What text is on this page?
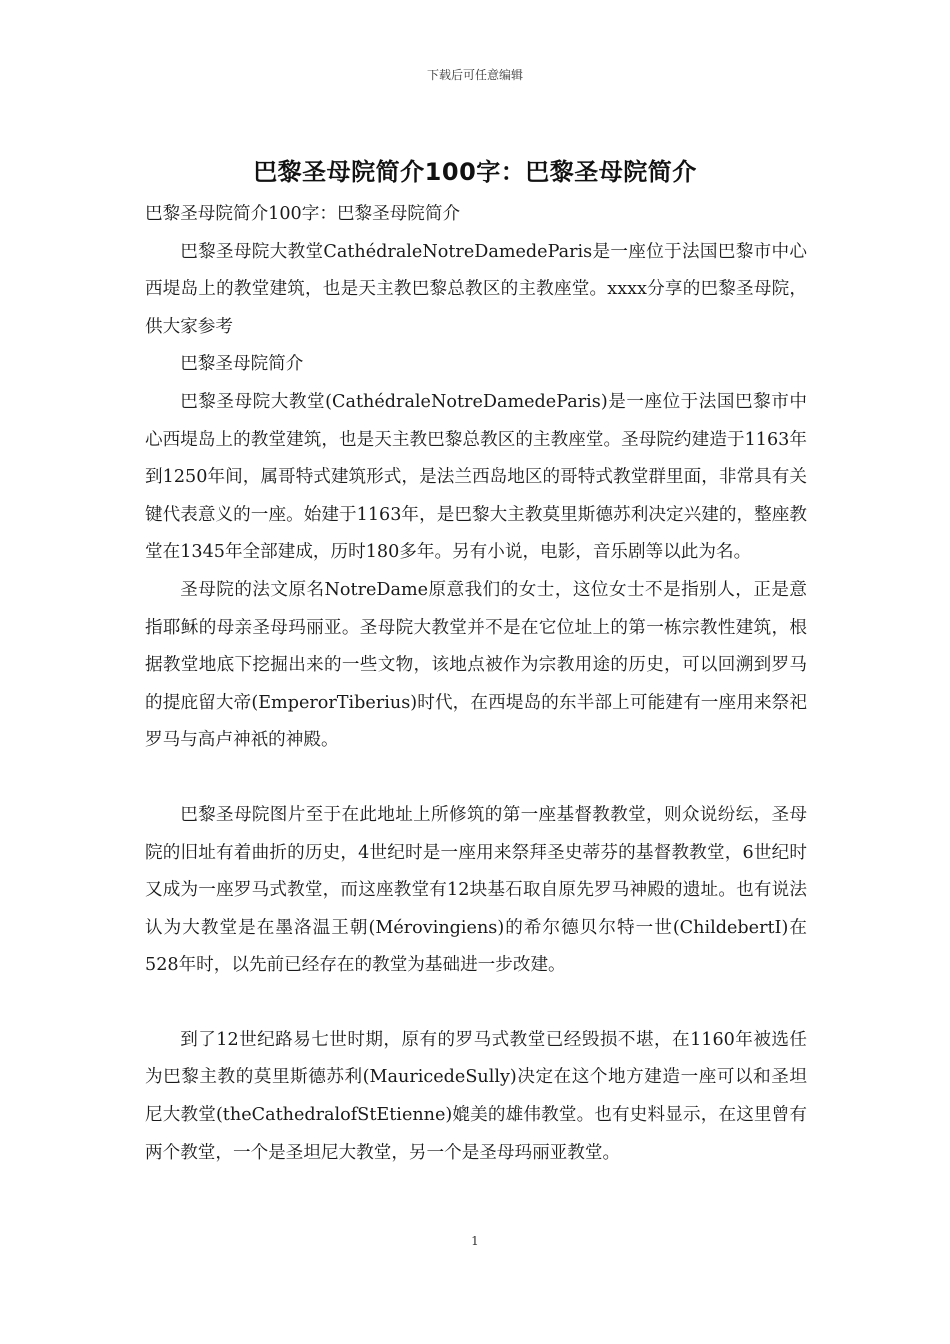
下载后可任意编辑
巴黎圣母院简介100字：巴黎圣母院简介

巴黎圣母院简介100字：巴黎圣母院简介

巴黎圣母院大教堂CathédraleNotreDamedeParis是一座位于法国巴黎市中心西堤岛上的教堂建筑，也是天主教巴黎总教区的主教座堂。xxxx分享的巴黎圣母院，供大家参考

巴黎圣母院简介

巴黎圣母院大教堂(CathédraleNotreDamedeParis)是一座位于法国巴黎市中心西堤岛上的教堂建筑，也是天主教巴黎总教区的主教座堂。圣母院约建造于1163年到1250年间，属哥特式建筑形式，是法兰西岛地区的哥特式教堂群里面，非常具有关键代表意义的一座。始建于1163年，是巴黎大主教莫里斯德苏利决定兴建的，整座教堂在1345年全部建成，历时180多年。另有小说，电影，音乐剧等以此为名。

圣母院的法文原名NotreDame原意我们的女士，这位女士不是指别人，正是意指耶稣的母亲圣母玛丽亚。圣母院大教堂并不是在它位址上的第一栋宗教性建筑，根据教堂地底下挖掘出来的一些文物，该地点被作为宗教用途的历史，可以回溯到罗马的提庇留大帝(EmperorTiberius)时代，在西堤岛的东半部上可能建有一座用来祭祀罗马与高卢神祇的神殿。

巴黎圣母院图片至于在此地址上所修筑的第一座基督教教堂，则众说纷纭，圣母院的旧址有着曲折的历史，4世纪时是一座用来祭拜圣史蒂芬的基督教教堂，6世纪时又成为一座罗马式教堂，而这座教堂有12块基石取自原先罗马神殿的遗址。也有说法认为大教堂是在墨洛温王朝(Mérovingiens)的希尔德贝尔特一世(ChildebertI)在528年时，以先前已经存在的教堂为基础进一步改建。

到了12世纪路易七世时期，原有的罗马式教堂已经毁损不堪，在1160年被选任为巴黎主教的莫里斯德苏利(MauricedeSully)决定在这个地方建造一座可以和圣坦尼大教堂(theCathedralofStEtienne)媲美的雄伟教堂。也有史料显示，在这里曾有两个教堂，一个是圣坦尼大教堂，另一个是圣母玛丽亚教堂。

1
